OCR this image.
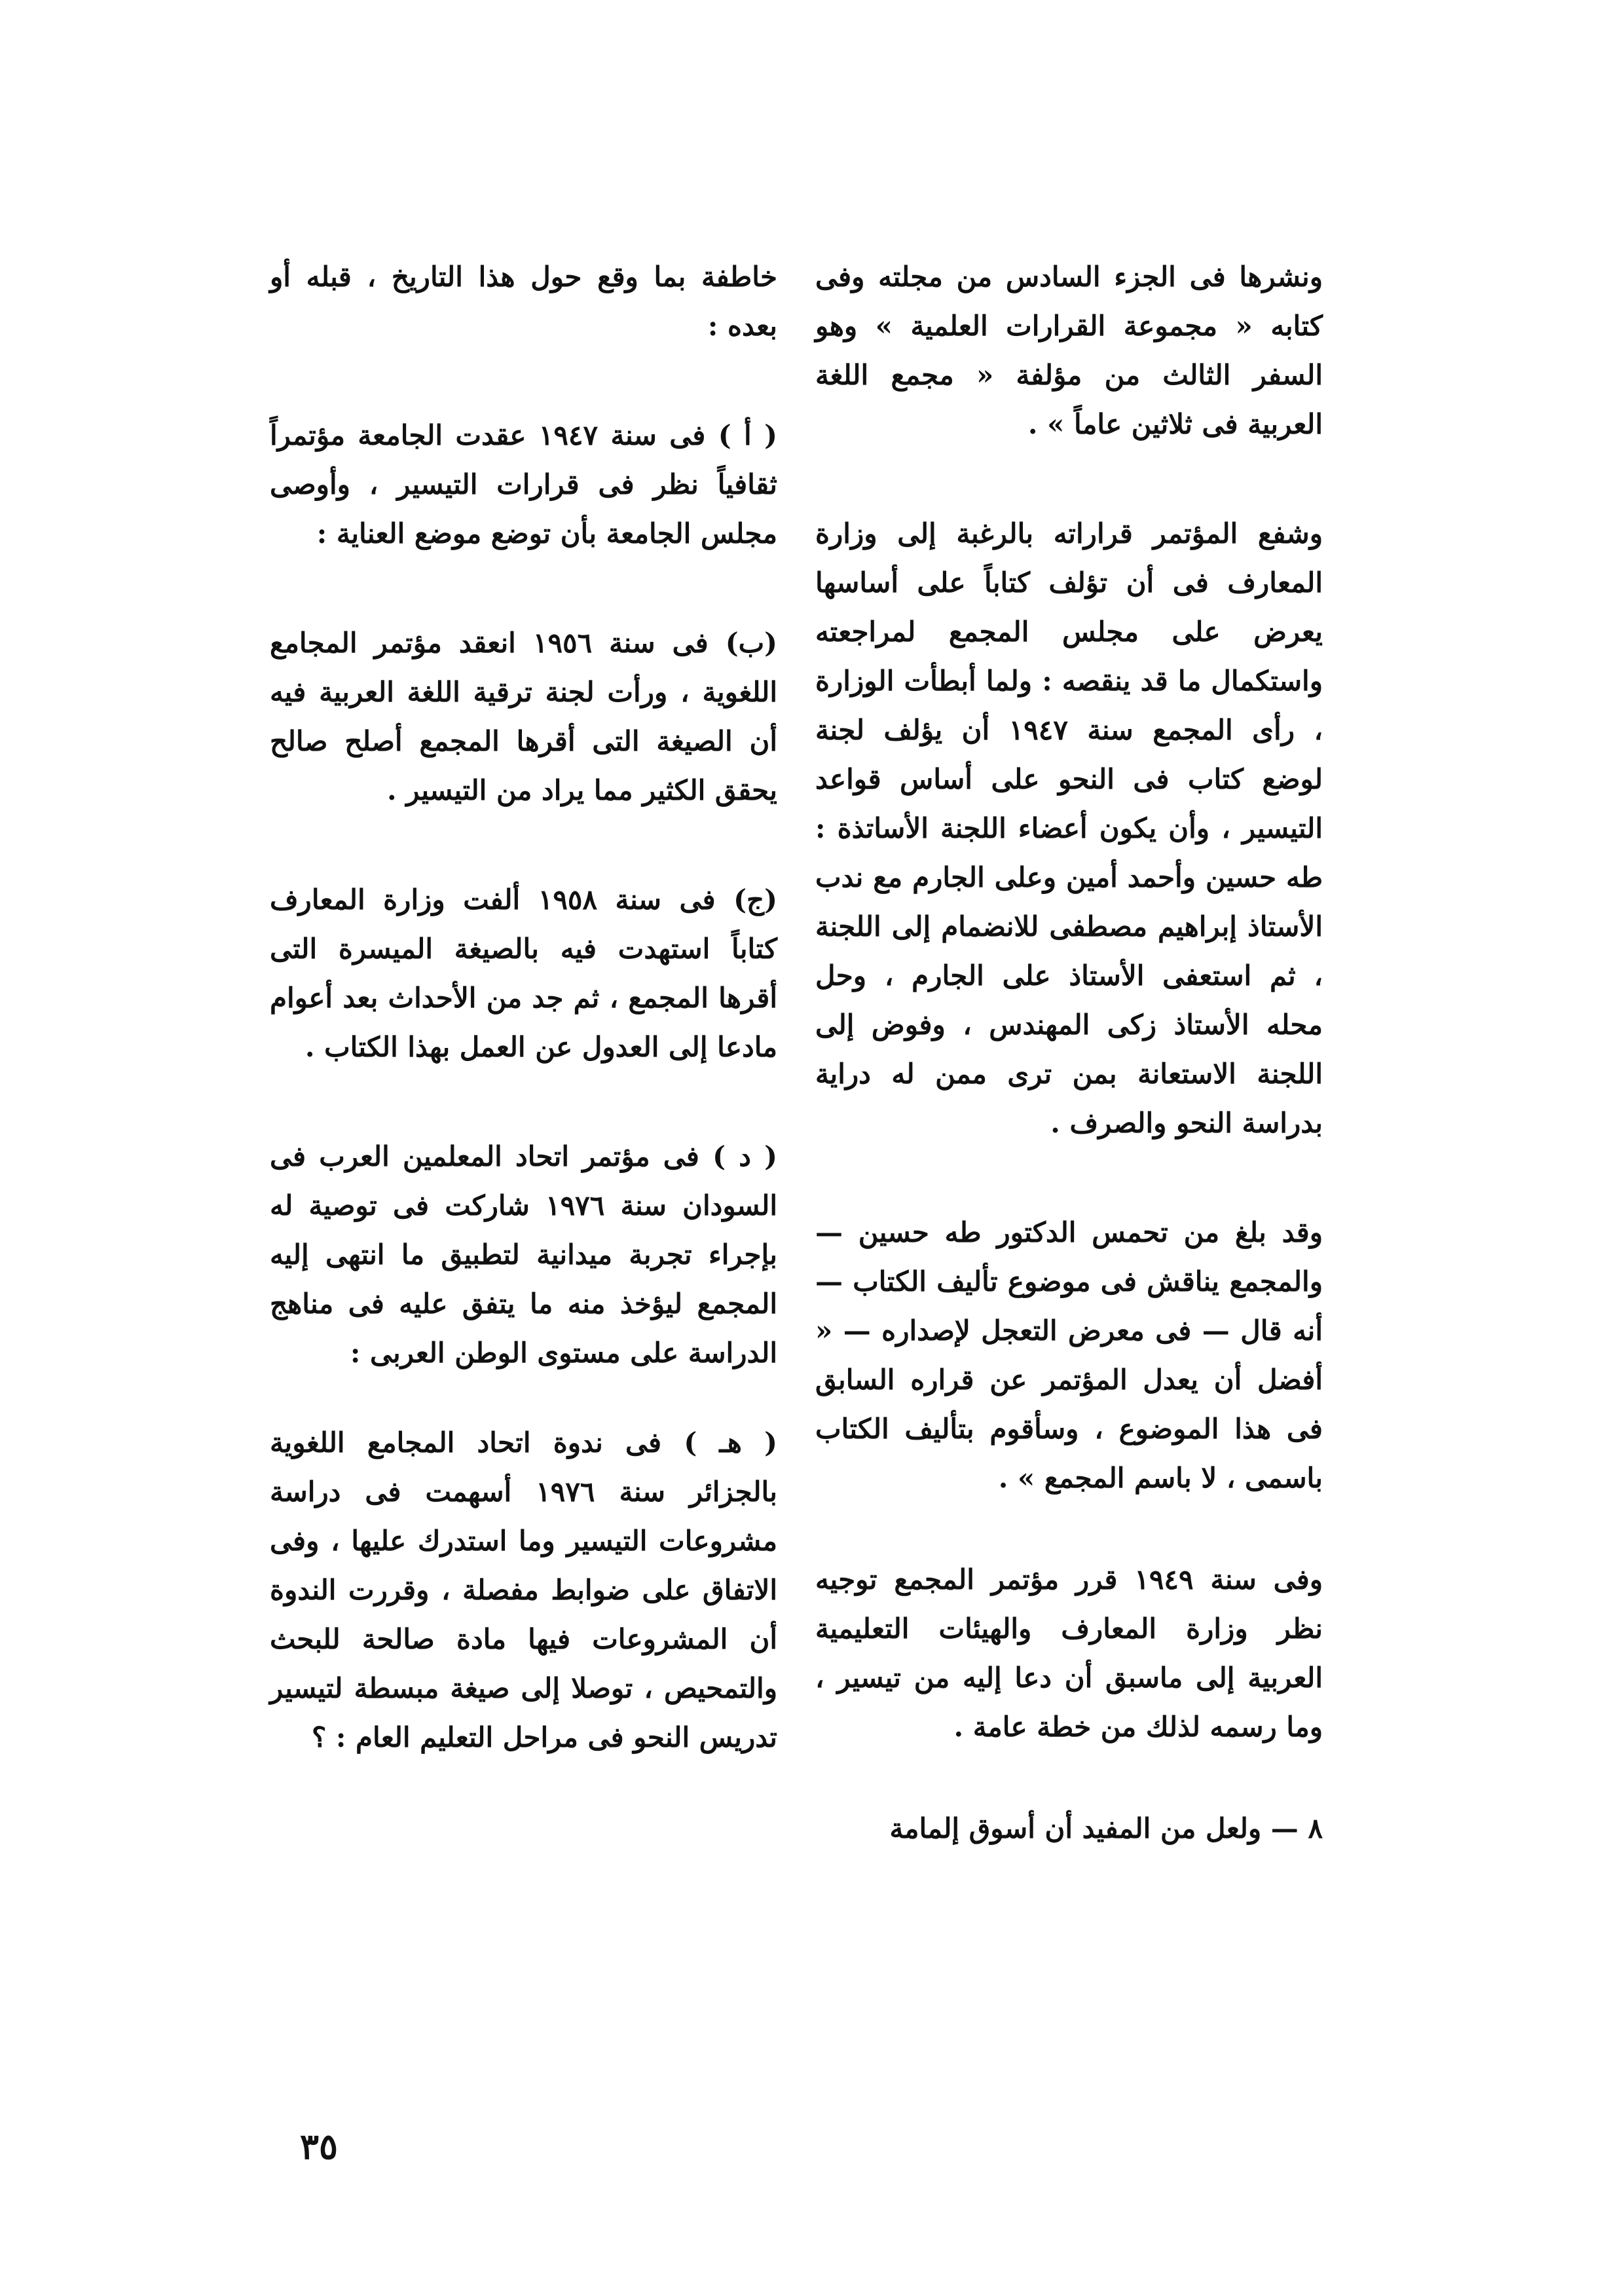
ونشرها فى الجزء السادس من مجلته وفى كتابه « مجموعة القرارات العلمية » وهو السفر الثالث من مؤلفة « مجمع اللغة العربية فى ثلاثين عاماً » .

وشفع المؤتمر قراراته بالرغبة إلى وزارة المعارف فى أن تؤلف كتاباً على أساسها يعرض على مجلس المجمع لمراجعته واستكمال ما قد ينقصه : ولما أبطأت الوزارة ، رأى المجمع سنة ١٩٤٧ أن يؤلف لجنة لوضع كتاب فى النحو على أساس قواعد التيسير ، وأن يكون أعضاء اللجنة الأساتذة : طه حسين وأحمد أمين وعلى الجارم مع ندب الأستاذ إبراهيم مصطفى للانضمام إلى اللجنة ، ثم استعفى الأستاذ على الجارم ، وحل محله الأستاذ زكى المهندس ، وفوض إلى اللجنة الاستعانة بمن ترى ممن له دراية بدراسة النحو والصرف .

وقد بلغ من تحمس الدكتور طه حسين — والمجمع يناقش فى موضوع تأليف الكتاب — أنه قال — فى معرض التعجل لإصداره — « أفضل أن يعدل المؤتمر عن قراره السابق فى هذا الموضوع ، وسأقوم بتأليف الكتاب باسمى ، لا باسم المجمع » .

وفى سنة ١٩٤٩ قرر مؤتمر المجمع توجيه نظر وزارة المعارف والهيئات التعليمية العربية إلى ماسبق أن دعا إليه من تيسير ، وما رسمه لذلك من خطة عامة .

٨ — ولعل من المفيد أن أسوق إلمامة

خاطفة بما وقع حول هذا التاريخ ، قبله أو بعده :

( أ ) فى سنة ١٩٤٧ عقدت الجامعة مؤتمراً ثقافياً نظر فى قرارات التيسير ، وأوصى مجلس الجامعة بأن توضع موضع العناية :

(ب) فى سنة ١٩٥٦ انعقد مؤتمر المجامع اللغوية ، ورأت لجنة ترقية اللغة العربية فيه أن الصيغة التى أقرها المجمع أصلح صالح يحقق الكثير مما يراد من التيسير .

(ج) فى سنة ١٩٥٨ ألفت وزارة المعارف كتاباً استهدت فيه بالصيغة الميسرة التى أقرها المجمع ، ثم جد من الأحداث بعد أعوام مادعا إلى العدول عن العمل بهذا الكتاب .

( د ) فى مؤتمر اتحاد المعلمين العرب فى السودان سنة ١٩٧٦ شاركت فى توصية له بإجراء تجربة ميدانية لتطبيق ما انتهى إليه المجمع ليؤخذ منه ما يتفق عليه فى مناهج الدراسة على مستوى الوطن العربى :

( هـ ) فى ندوة اتحاد المجامع اللغوية بالجزائر سنة ١٩٧٦ أسهمت فى دراسة مشروعات التيسير وما استدرك عليها ، وفى الاتفاق على ضوابط مفصلة ، وقررت الندوة أن المشروعات فيها مادة صالحة للبحث والتمحيص ، توصلا إلى صيغة مبسطة لتيسير تدريس النحو فى مراحل التعليم العام : ؟

٣٥
